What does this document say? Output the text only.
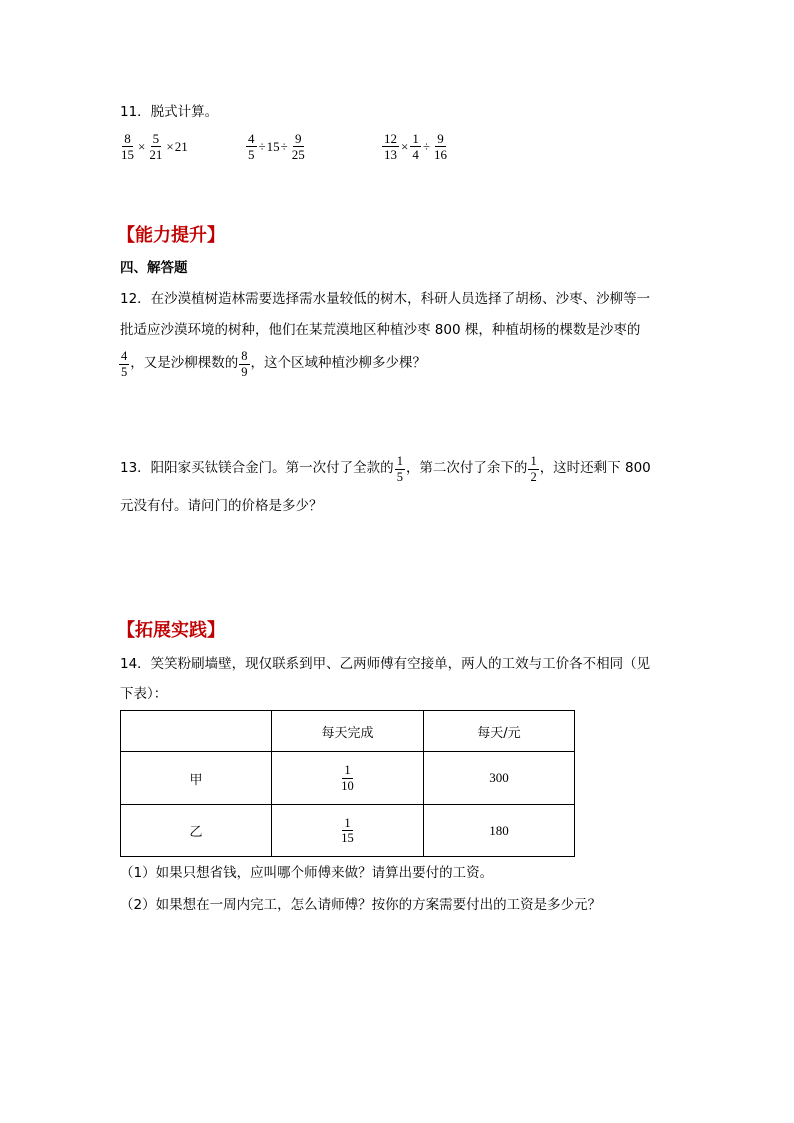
11．脱式计算。
$\frac{8}{15} \times \frac{5}{21} \times 21$	$\frac{4}{5} \div 15 \div \frac{9}{25}$	$\frac{12}{13} \times \frac{1}{4} \div \frac{9}{16}$
【能力提升】
四、解答题
12．在沙漠植树造林需要选择需水量较低的树木，科研人员选择了胡杨、沙枣、沙柳等一
批适应沙漠环境的树种，他们在某荒漠地区种植沙枣 800 棵，种植胡杨的棵数是沙枣的
$\frac{4}{5}$ ，又是沙柳棵数的 $\frac{8}{9}$ ，这个区域种植沙柳多少棵？
13．阳阳家买钛镁合金门。第一次付了全款的 $\frac{1}{5}$ ，第二次付了余下的 $\frac{1}{2}$ ，这时还剩下 800
元没有付。请问门的价格是多少？
【拓展实践】
14．笑笑粉刷墙壁，现仅联系到甲、乙两师傅有空接单，两人的工效与工价各不相同（见
下表）：
	每天完成	每天/元
甲	$\frac{1}{10}$	300
乙	$\frac{1}{15}$	180
（1）如果只想省钱，应叫哪个师傅来做？请算出要付的工资。
（2）如果想在一周内完工，怎么请师傅？按你的方案需要付出的工资是多少元？
